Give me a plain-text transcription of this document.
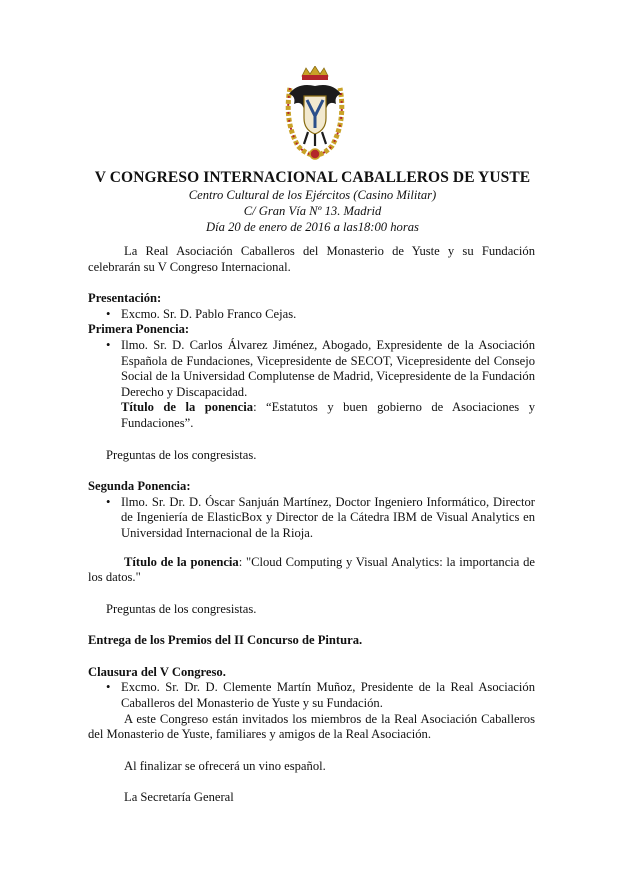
V CONGRESO INTERNACIONAL CABALLEROS DE YUSTE
Centro Cultural de los Ejércitos (Casino Militar)
C/ Gran Vía Nº 13. Madrid
Día 20 de enero de 2016 a las18:00 horas

La Real Asociación Caballeros del Monasterio de Yuste y su Fundación celebrarán su V Congreso Internacional.

Presentación:

• Excmo. Sr. D. Pablo Franco Cejas.

Primera Ponencia:

• Ilmo. Sr. D. Carlos Álvarez Jiménez, Abogado, Expresidente de la Asociación Española de Fundaciones, Vicepresidente de SECOT, Vicepresidente del Consejo Social de la Universidad Complutense de Madrid, Vicepresidente de la Fundación Derecho y Discapacidad.

Título de la ponencia: “Estatutos y buen gobierno de Asociaciones y Fundaciones”.

Preguntas de los congresistas.

Segunda Ponencia:

• Ilmo. Sr. Dr. D. Óscar Sanjuán Martínez, Doctor Ingeniero Informático, Director de Ingeniería de ElasticBox y Director de la Cátedra IBM de Visual Analytics en Universidad Internacional de la Rioja.

Título de la ponencia: "Cloud Computing y Visual Analytics: la importancia de los datos."

Preguntas de los congresistas.

Entrega de los Premios del II Concurso de Pintura.

Clausura del V Congreso.

• Excmo. Sr. Dr. D. Clemente Martín Muñoz, Presidente de la Real Asociación Caballeros del Monasterio de Yuste y su Fundación.

A este Congreso están invitados los miembros de la Real Asociación Caballeros del Monasterio de Yuste, familiares y amigos de la Real Asociación.

Al finalizar se ofrecerá un vino español.

La Secretaría General
